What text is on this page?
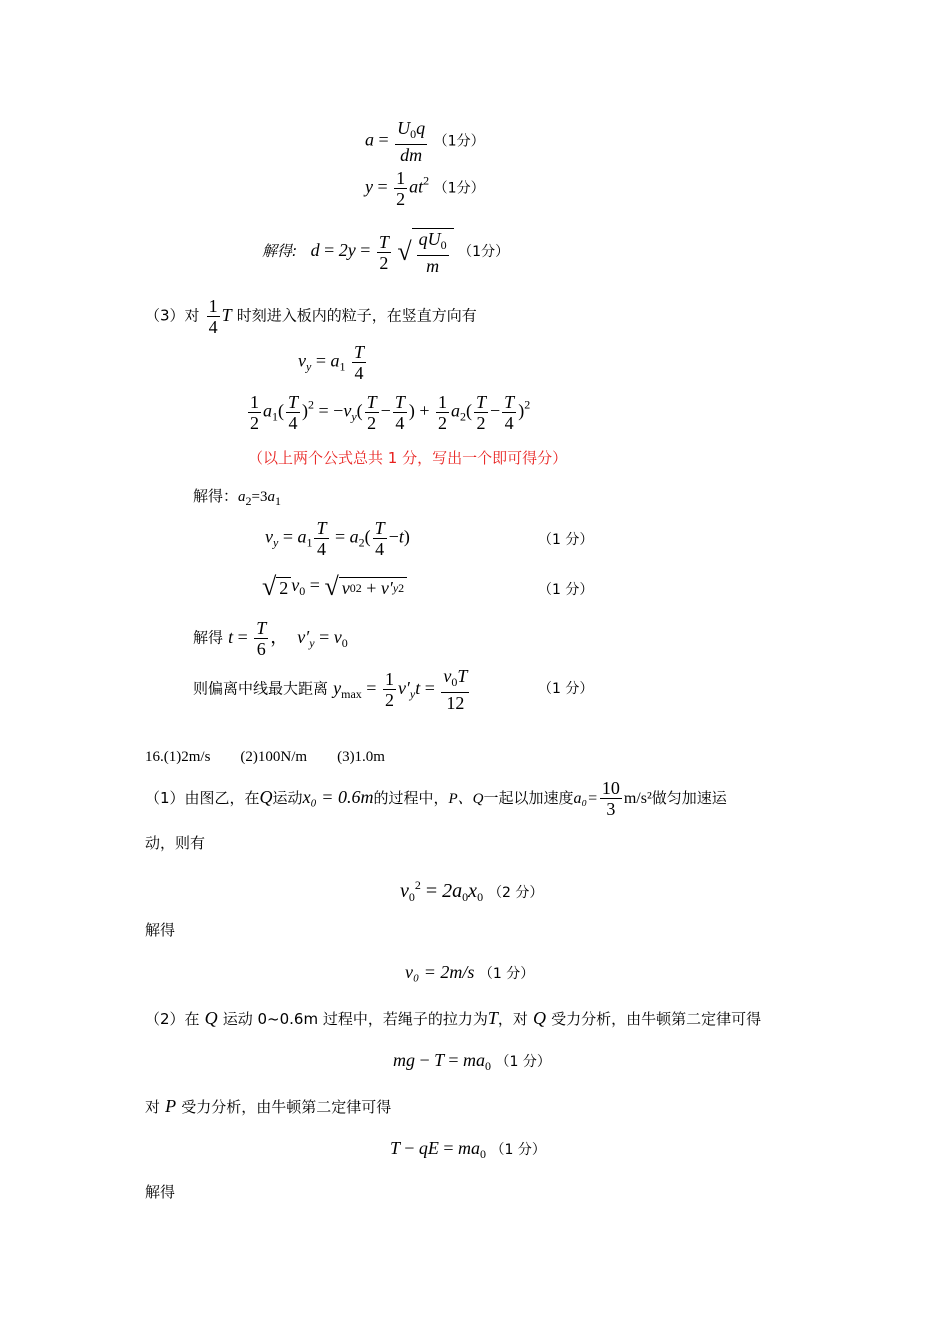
$a = \frac{U_0q}{dm} (1$分）
$y = \frac{1}{2} at^2$ （1分）
解得:   $d = 2y = \frac{T}{2}$
√ $\frac{qU_0}{m} (1$分）
（3）对 $\frac{1}{4}$ T 时刻进入板内的粒子，在竖直方向有
$v_y = a_1 \frac{T}{4}$
$\frac{1}{2} a_1( \frac{T}{4} )^2 = -v_y( \frac{T}{2} - \frac{T}{4}$ ) + $\frac{1}{2} a_2( \frac{T}{2} - \frac{T}{4} )^2$
（以上两个公式总共 1 分，写出一个即可得分）
解得：$a_2=3a_1$
$v_y = a_1 \frac{T}{4} = a_2( \frac{T}{4} -t)$	（1 分）
√ 2 $v_0$ = √ v 0 2
+ v′ y 2	（1 分）
解得 $t = \frac{T}{6}$ ，  $v'_y = v_0$
则偏离中线最大距离 $y_{max} = \frac{1}{2} v'_yt = \frac{v_0T}{12}$	（1 分）
16.(1)2m/s        (2)100N/m        (3)1.0m
（1）由图乙，在Q运动x₀ = 0.6m的过程中，P、Q一起以加速度$a_0= \frac{10}{3} m/s^2$做匀加速运
动，则有
$v_0^2 = 2a_0x_0$ （2 分）
解得
v₀ = 2m/s （1 分）
（2）在 Q 运动 0~0.6m 过程中，若绳子的拉力为T，对 Q 受力分析，由牛顿第二定律可得
mg − $T = ma_0$ （1 分）
对 P 受力分析，由牛顿第二定律可得
T − qE = $ma_0$ （1 分）
解得
